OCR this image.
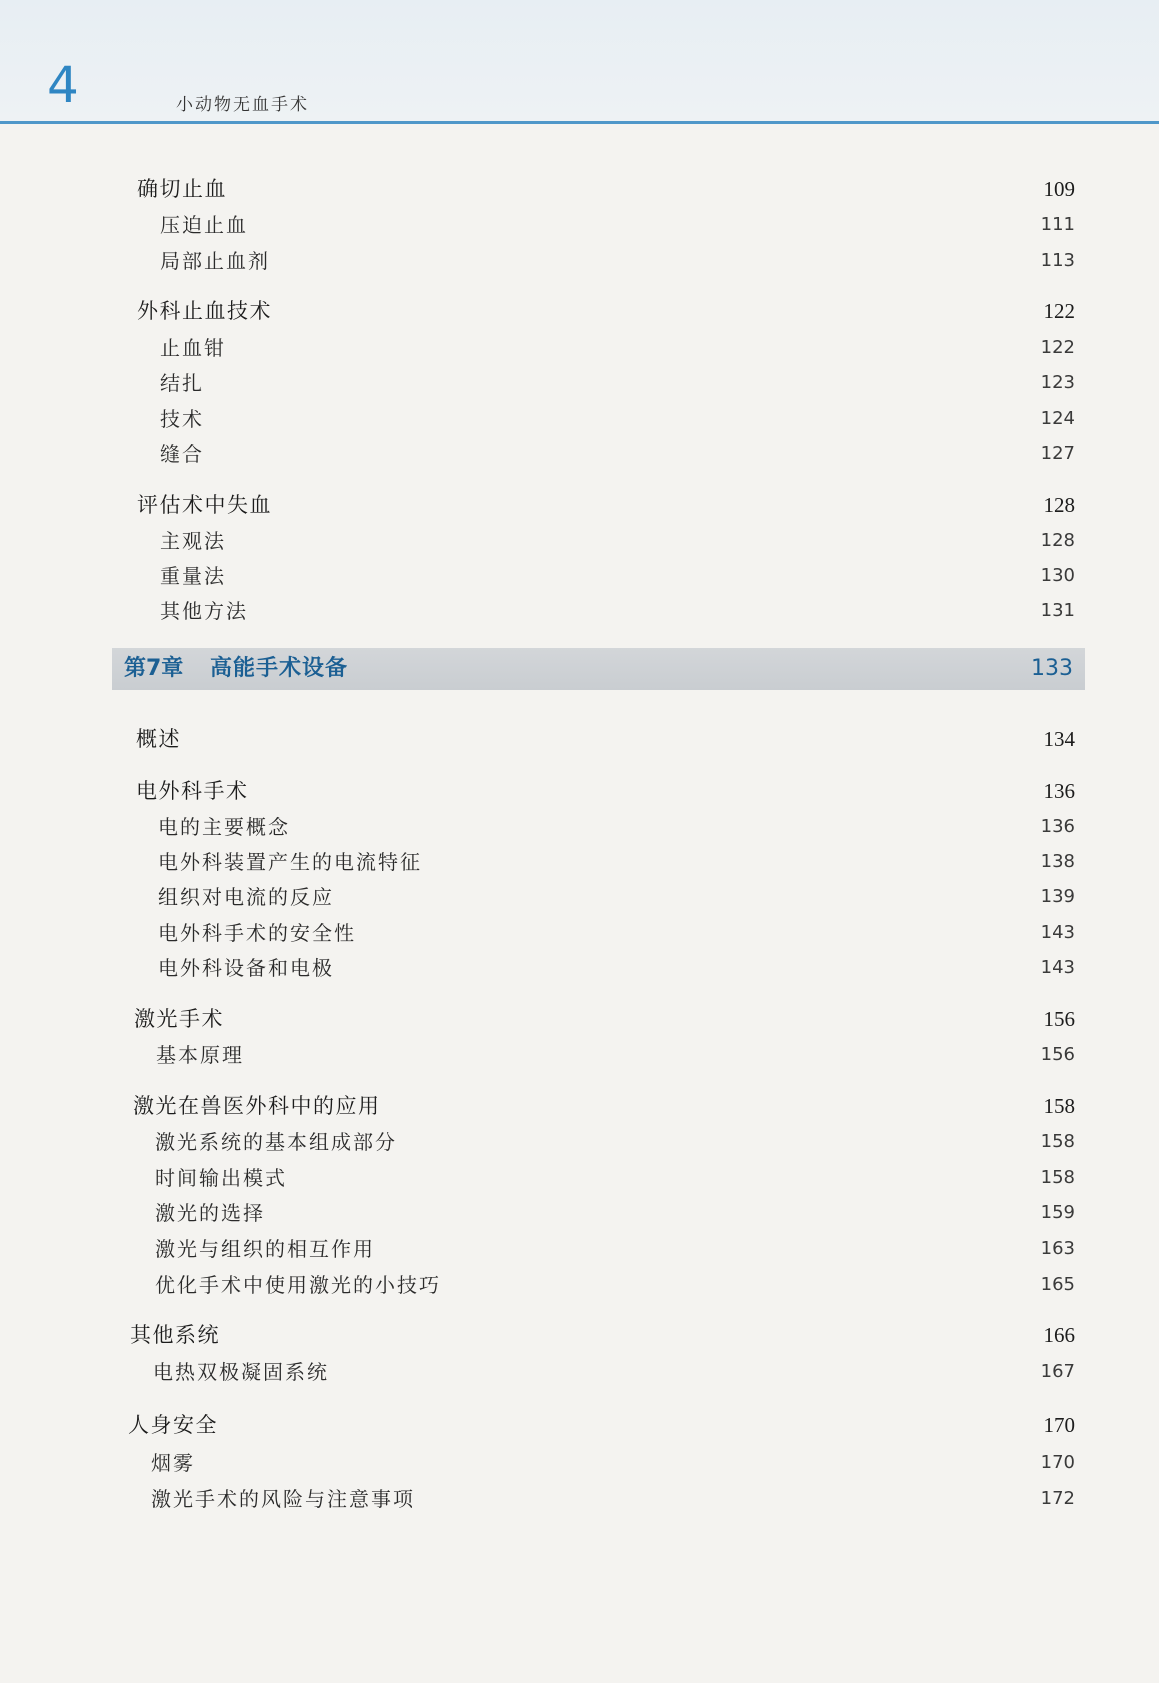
4	小动物无血手术
确切止血	109
压迫止血	111
局部止血剂	113
外科止血技术	122
止血钳	122
结扎	123
技术	124
缝合	127
评估术中失血	128
主观法	128
重量法	130
其他方法	131
第7章 高能手术设备	133
概述	134
电外科手术	136
电的主要概念	136
电外科装置产生的电流特征	138
组织对电流的反应	139
电外科手术的安全性	143
电外科设备和电极	143
激光手术	156
基本原理	156
激光在兽医外科中的应用	158
激光系统的基本组成部分	158
时间输出模式	158
激光的选择	159
激光与组织的相互作用	163
优化手术中使用激光的小技巧	165
其他系统	166
电热双极凝固系统	167
人身安全	170
烟雾	170
激光手术的风险与注意事项	172
